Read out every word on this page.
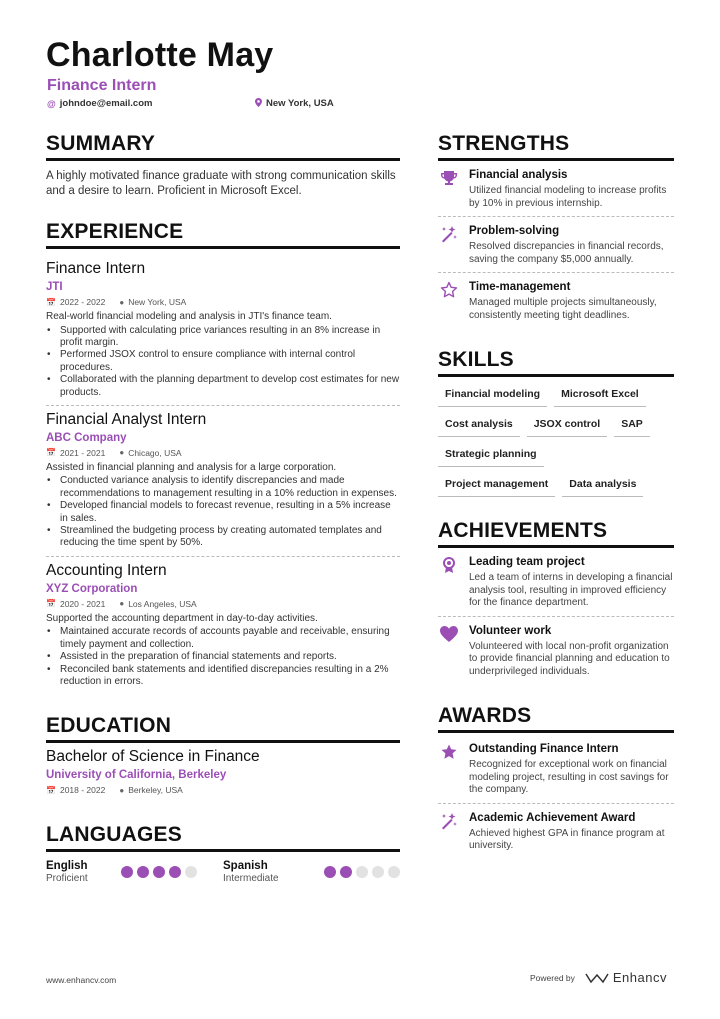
Charlotte May
Finance Intern
@ johndoe@email.com	New York, USA
SUMMARY
A highly motivated finance graduate with strong communication skills and a desire to learn. Proficient in Microsoft Excel.
EXPERIENCE
Finance Intern
JTI
📅 2022 - 2022 ● New York, USA
Real-world financial modeling and analysis in JTI's finance team.
• Supported with calculating price variances resulting in an 8% increase in profit margin.
• Performed JSOX control to ensure compliance with internal control procedures.
• Collaborated with the planning department to develop cost estimates for new products.
Financial Analyst Intern
ABC Company
📅 2021 - 2021 ● Chicago, USA
Assisted in financial planning and analysis for a large corporation.
• Conducted variance analysis to identify discrepancies and made recommendations to management resulting in a 10% reduction in expenses.
• Developed financial models to forecast revenue, resulting in a 5% increase in sales.
• Streamlined the budgeting process by creating automated templates and reducing the time spent by 50%.
Accounting Intern
XYZ Corporation
📅 2020 - 2021 ● Los Angeles, USA
Supported the accounting department in day-to-day activities.
• Maintained accurate records of accounts payable and receivable, ensuring timely payment and collection.
• Assisted in the preparation of financial statements and reports.
• Reconciled bank statements and identified discrepancies resulting in a 2% reduction in errors.
EDUCATION
Bachelor of Science in Finance
University of California, Berkeley
📅 2018 - 2022 ● Berkeley, USA
LANGUAGES
English
Proficient
Spanish
Intermediate
STRENGTHS
Financial analysis
Utilized financial modeling to increase profits by 10% in previous internship.
Problem-solving
Resolved discrepancies in financial records, saving the company $5,000 annually.
Time-management
Managed multiple projects simultaneously, consistently meeting tight deadlines.
SKILLS
Financial modeling	Microsoft Excel
Cost analysis	JSOX control	SAP
Strategic planning
Project management	Data analysis
ACHIEVEMENTS
Leading team project
Led a team of interns in developing a financial analysis tool, resulting in improved efficiency for the finance department.
Volunteer work
Volunteered with local non-profit organization to provide financial planning and education to underprivileged individuals.
AWARDS
Outstanding Finance Intern
Recognized for exceptional work on financial modeling project, resulting in cost savings for the company.
Academic Achievement Award
Achieved highest GPA in finance program at university.
www.enhancv.com	Powered by	Enhancv
